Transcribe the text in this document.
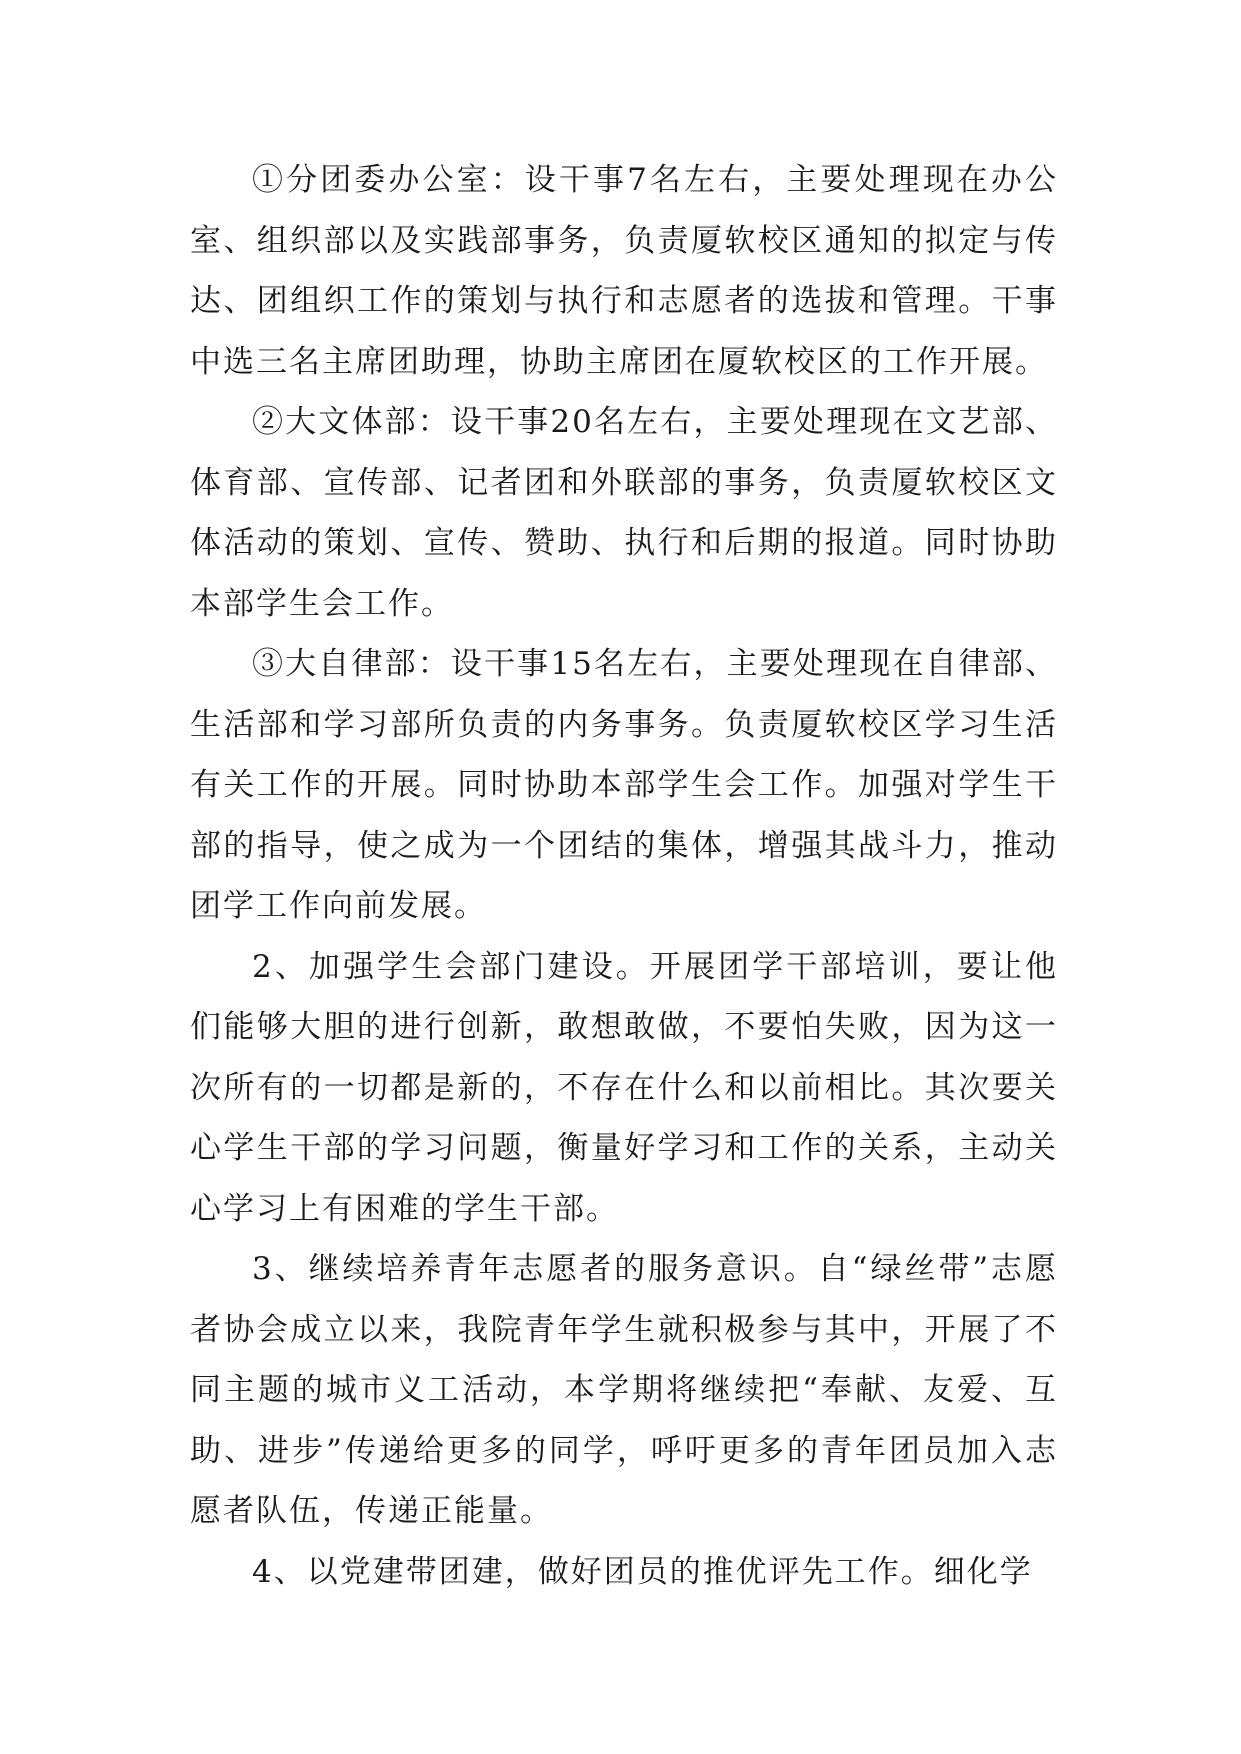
①分团委办公室：设干事7名左右，主要处理现在办公室、组织部以及实践部事务，负责厦软校区通知的拟定与传达、团组织工作的策划与执行和志愿者的选拔和管理。干事中选三名主席团助理，协助主席团在厦软校区的工作开展。

②大文体部：设干事20名左右，主要处理现在文艺部、体育部、宣传部、记者团和外联部的事务，负责厦软校区文体活动的策划、宣传、赞助、执行和后期的报道。同时协助本部学生会工作。

③大自律部：设干事15名左右，主要处理现在自律部、生活部和学习部所负责的内务事务。负责厦软校区学习生活有关工作的开展。同时协助本部学生会工作。加强对学生干部的指导，使之成为一个团结的集体，增强其战斗力，推动团学工作向前发展。

2、加强学生会部门建设。开展团学干部培训，要让他们能够大胆的进行创新，敢想敢做，不要怕失败，因为这一次所有的一切都是新的，不存在什么和以前相比。其次要关心学生干部的学习问题，衡量好学习和工作的关系，主动关心学习上有困难的学生干部。

3、继续培养青年志愿者的服务意识。自“绿丝带”志愿者协会成立以来，我院青年学生就积极参与其中，开展了不同主题的城市义工活动，本学期将继续把“奉献、友爱、互助、进步”传递给更多的同学，呼吁更多的青年团员加入志愿者队伍，传递正能量。

4、以党建带团建，做好团员的推优评先工作。细化学
